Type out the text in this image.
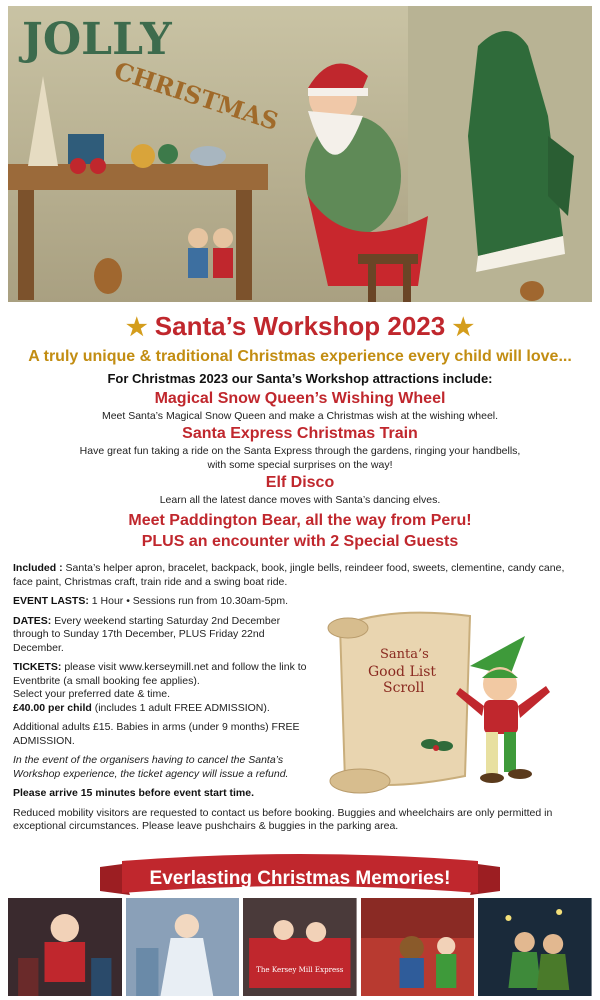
JOLLY
CHRISTMAS
★ Santa’s Workshop 2023 ★
A truly unique & traditional Christmas experience every child will love...
For Christmas 2023 our Santa’s Workshop attractions include:
Magical Snow Queen’s Wishing Wheel
Meet Santa’s Magical Snow Queen and make a Christmas wish at the wishing wheel.
Santa Express Christmas Train
Have great fun taking a ride on the Santa Express through the gardens, ringing your handbells,
with some special surprises on the way!
Elf Disco
Learn all the latest dance moves with Santa’s dancing elves.
Meet Paddington Bear, all the way from Peru!
PLUS an encounter with 2 Special Guests

Included : Santa’s helper apron, bracelet, backpack, book, jingle bells, reindeer food, sweets, clementine, candy cane, face paint, Christmas craft, train ride and a swing boat ride.

EVENT LASTS: 1 Hour • Sessions run from 10.30am-5pm.

DATES: Every weekend starting Saturday 2nd December through to Sunday 17th December, PLUS Friday 22nd December.

TICKETS: please visit www.kerseymill.net and follow the link to Eventbrite (a small booking fee applies).
Select your preferred date & time.
£40.00 per child (includes 1 adult FREE ADMISSION).

Additional adults £15. Babies in arms (under 9 months) FREE ADMISSION.

In the event of the organisers having to cancel the Santa’s Workshop experience, the ticket agency will issue a refund.

Please arrive 15 minutes before event start time.

Reduced mobility visitors are requested to contact us before booking. Buggies and wheelchairs are only permitted in exceptional circumstances. Please leave pushchairs & buggies in the parking area.

Santa’s
Good List
Scroll
Everlasting Christmas Memories!
The Kersey Mill Express
